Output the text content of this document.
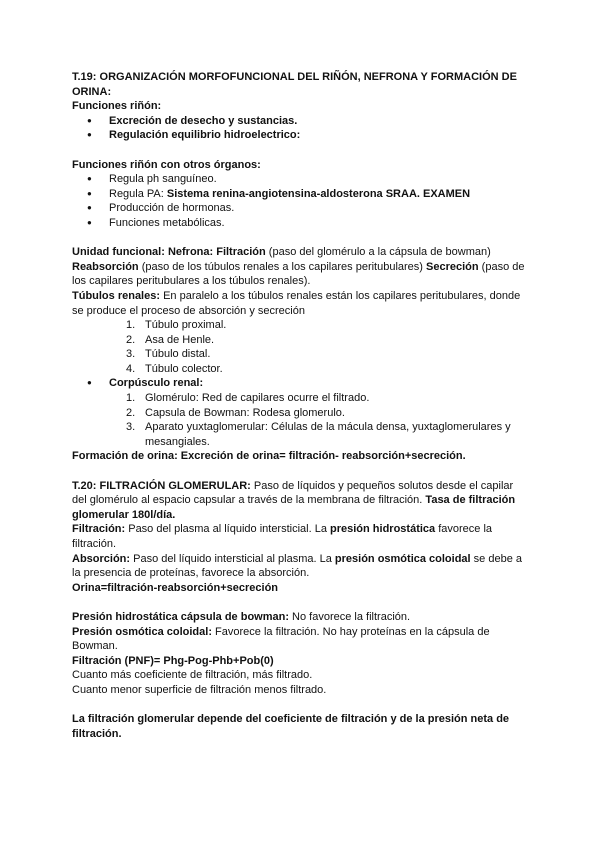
T.19: ORGANIZACIÓN MORFOFUNCIONAL DEL RIÑÓN, NEFRONA Y FORMACIÓN DE ORINA:

Funciones riñón:

● Excreción de desecho y sustancias.
● Regulación equilibrio hidroelectrico:

Funciones riñón con otros órganos:

● Regula ph sanguíneo.
● Regula PA: Sistema renina-angiotensina-aldosterona SRAA. EXAMEN
● Producción de hormonas.
● Funciones metabólicas.

Unidad funcional: Nefrona: Filtración (paso del glomérulo a la cápsula de bowman)

Reabsorción (paso de los túbulos renales a los capilares peritubulares) Secreción (paso de los capilares peritubulares a los túbulos renales).

Túbulos renales: En paralelo a los túbulos renales están los capilares peritubulares, donde se produce el proceso de absorción y secreción

1. Túbulo proximal.
2. Asa de Henle.
3. Túbulo distal.
4. Túbulo colector.
● Corpúsculo renal:
1. Glomérulo: Red de capilares ocurre el filtrado.
2. Capsula de Bowman: Rodesa glomerulo.
3. Aparato yuxtaglomerular: Células de la mácula densa, yuxtaglomerulares y mesangiales.

Formación de orina: Excreción de orina= filtración- reabsorción+secreción.

T.20: FILTRACIÓN GLOMERULAR: Paso de líquidos y pequeños solutos desde el capilar del glomérulo al espacio capsular a través de la membrana de filtración. Tasa de filtración glomerular 180l/día.

Filtración: Paso del plasma al líquido intersticial. La presión hidrostática favorece la filtración.

Absorción: Paso del líquido intersticial al plasma. La presión osmótica coloidal se debe a la presencia de proteínas, favorece la absorción.

Orina=filtración-reabsorción+secreción

Presión hidrostática cápsula de bowman: No favorece la filtración.

Presión osmótica coloidal: Favorece la filtración. No hay proteínas en la cápsula de Bowman.

Filtración (PNF)= Phg-Pog-Phb+Pob(0)

Cuanto más coeficiente de filtración, más filtrado.

Cuanto menor superficie de filtración menos filtrado.

La filtración glomerular depende del coeficiente de filtración y de la presión neta de filtración.
